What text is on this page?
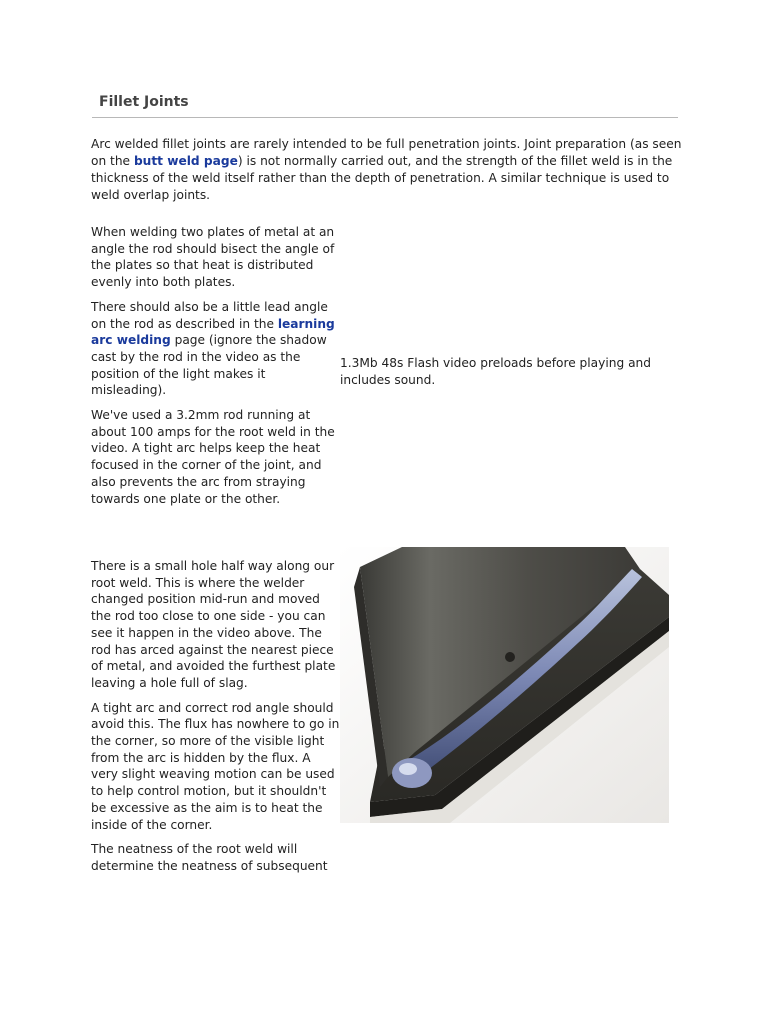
Fillet Joints

Arc welded fillet joints are rarely intended to be full penetration joints. Joint preparation (as seen on the butt weld page) is not normally carried out, and the strength of the fillet weld is in the thickness of the weld itself rather than the depth of penetration. A similar technique is used to weld overlap joints.

When welding two plates of metal at an angle the rod should bisect the angle of the plates so that heat is distributed evenly into both plates.

There should also be a little lead angle on the rod as described in the learning arc welding page (ignore the shadow cast by the rod in the video as the position of the light makes it misleading).

We've used a 3.2mm rod running at about 100 amps for the root weld in the video. A tight arc helps keep the heat focused in the corner of the joint, and also prevents the arc from straying towards one plate or the other.

1.3Mb 48s Flash video preloads before playing and includes sound.

There is a small hole half way along our root weld. This is where the welder changed position mid-run and moved the rod too close to one side - you can see it happen in the video above. The rod has arced against the nearest piece of metal, and avoided the furthest plate leaving a hole full of slag.

A tight arc and correct rod angle should avoid this. The flux has nowhere to go in the corner, so more of the visible light from the arc is hidden by the flux. A very slight weaving motion can be used to help control motion, but it shouldn't be excessive as the aim is to heat the inside of the corner.

The neatness of the root weld will determine the neatness of subsequent
